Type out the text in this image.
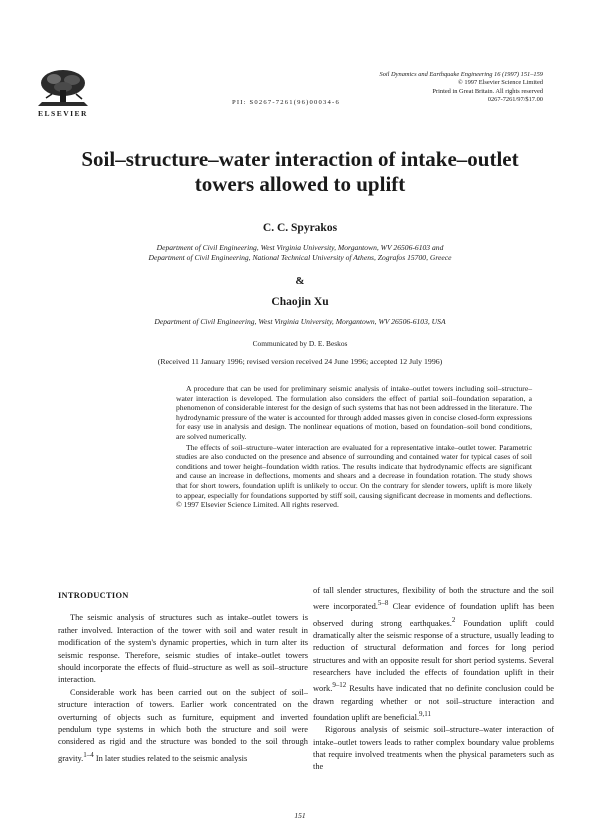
ELSEVIER
PII: S0267-7261(96)00034-6
Soil Dynamics and Earthquake Engineering 16 (1997) 151–159
© 1997 Elsevier Science Limited
Printed in Great Britain. All rights reserved
0267-7261/97/$17.00
Soil–structure–water interaction of intake–outlet
towers allowed to uplift
C. C. Spyrakos
Department of Civil Engineering, West Virginia University, Morgantown, WV 26506-6103 and
Department of Civil Engineering, National Technical University of Athens, Zografos 15700, Greece
&
Chaojin Xu
Department of Civil Engineering, West Virginia University, Morgantown, WV 26506-6103, USA
Communicated by D. E. Beskos
(Received 11 January 1996; revised version received 24 June 1996; accepted 12 July 1996)

A procedure that can be used for preliminary seismic analysis of intake–outlet towers including soil–structure–water interaction is developed. The formulation also considers the effect of partial soil–foundation separation, a phenomenon of considerable interest for the design of such systems that has not been addressed in the literature. The hydrodynamic pressure of the water is accounted for through added masses given in concise closed-form expressions for easy use in analysis and design. The nonlinear equations of motion, based on foundation–soil bond conditions, are solved numerically.

The effects of soil–structure–water interaction are evaluated for a representative intake–outlet tower. Parametric studies are also conducted on the presence and absence of surrounding and contained water for typical cases of soil conditions and tower height–foundation width ratios. The results indicate that hydrodynamic effects are significant and cause an increase in deflections, moments and shears and a decrease in foundation rotation. The study shows that for short towers, foundation uplift is unlikely to occur. On the contrary for slender towers, uplift is more likely to appear, especially for foundations supported by stiff soil, causing significant decrease in moments and deflections. © 1997 Elsevier Science Limited. All rights reserved.

INTRODUCTION

The seismic analysis of structures such as intake–outlet towers is rather involved. Interaction of the tower with soil and water result in modification of the system's dynamic properties, which in turn alter its seismic response. Therefore, seismic studies of intake–outlet towers should incorporate the effects of fluid–structure as well as soil–structure interaction.

Considerable work has been carried out on the subject of soil–structure interaction of towers. Earlier work concentrated on the overturning of objects such as furniture, equipment and inverted pendulum type systems in which both the structure and soil were considered as rigid and the structure was bonded to the soil through gravity.$^{1-4}$ In later studies related to the seismic analysis

of tall slender structures, flexibility of both the structure and the soil were incorporated.$^{5-8}$ Clear evidence of foundation uplift has been observed during strong earthquakes.$^2$ Foundation uplift could dramatically alter the seismic response of a structure, usually leading to reduction of structural deformation and forces for long period structures and with an opposite result for short period systems. Several researchers have included the effects of foundation uplift in their work.$^{9-12}$ Results have indicated that no definite conclusion could be drawn regarding whether or not soil–structure interaction and foundation uplift are beneficial.$^{9,11}$

Rigorous analysis of seismic soil–structure–water interaction of intake–outlet towers leads to rather complex boundary value problems that require involved treatments when the physical parameters such as the

151
